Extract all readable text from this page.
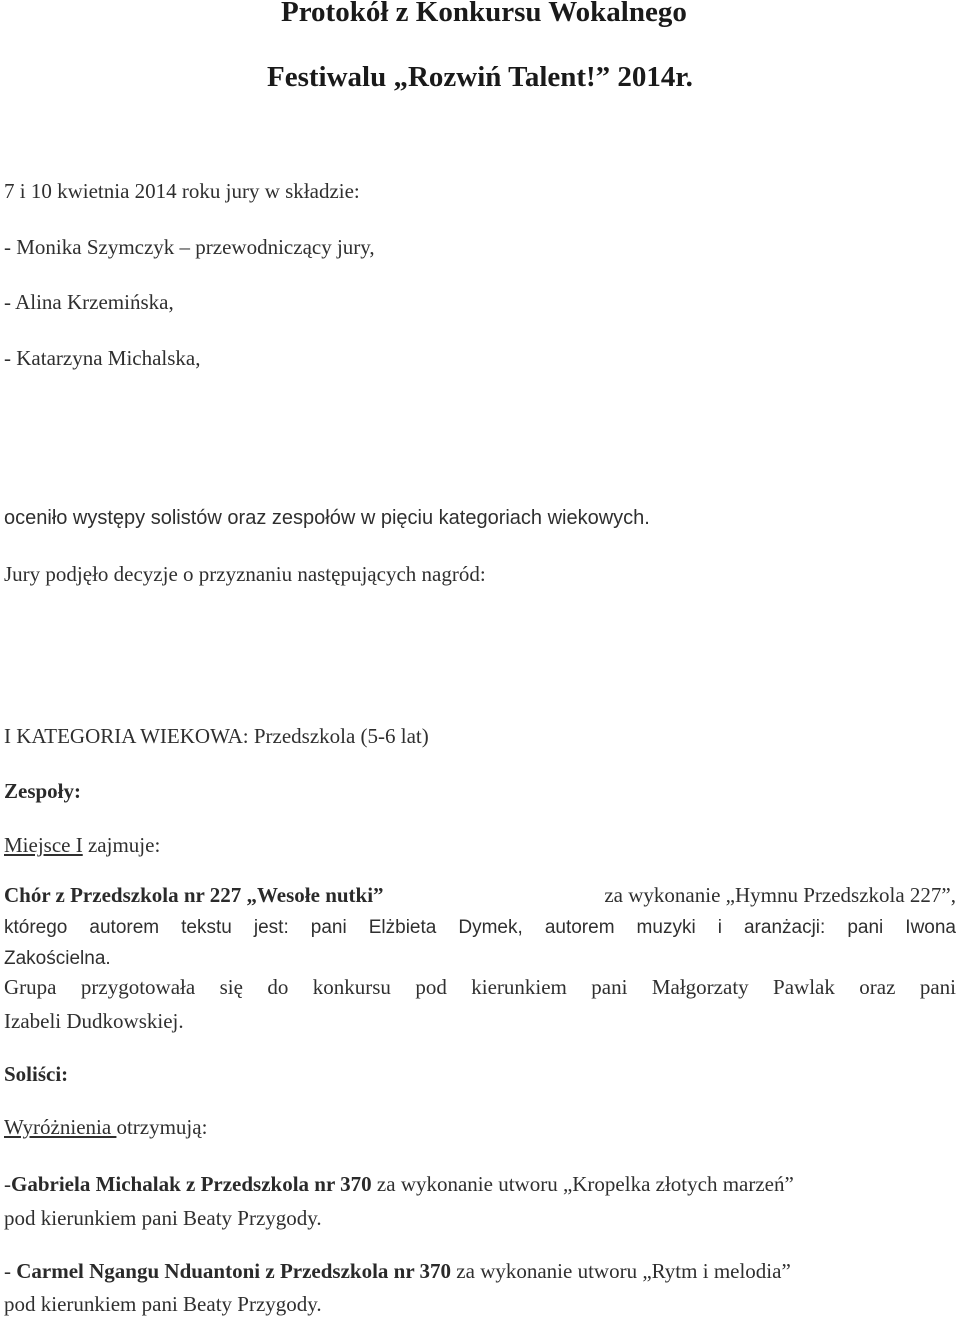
Protokół z Konkursu Wokalnego
Festiwalu „Rozwiń Talent!” 2014r.
7 i 10 kwietnia 2014 roku jury w składzie:
- Monika Szymczyk – przewodniczący jury,
- Alina Krzemińska,
- Katarzyna Michalska,
oceniło występy solistów oraz zespołów w pięciu kategoriach wiekowych.
Jury podjęło decyzje o przyznaniu następujących nagród:
I KATEGORIA WIEKOWA: Przedszkola (5-6 lat)
Zespoły:
Miejsce I zajmuje:
Chór z Przedszkola nr 227 „Wesołe nutki”	za wykonanie „Hymnu Przedszkola 227”,
którego autorem tekstu jest: pani Elżbieta Dymek, autorem muzyki i aranżacji: pani Iwona
Zakościelna.
Grupa przygotowała się do konkursu pod kierunkiem pani Małgorzaty Pawlak oraz pani
Izabeli Dudkowskiej.
Soliści:
Wyróżnienia otrzymują:
-Gabriela Michalak z Przedszkola nr 370 za wykonanie utworu „Kropelka złotych marzeń”
pod kierunkiem pani Beaty Przygody.
- Carmel Ngangu Nduantoni z Przedszkola nr 370 za wykonanie utworu „Rytm i melodia”
pod kierunkiem pani Beaty Przygody.
